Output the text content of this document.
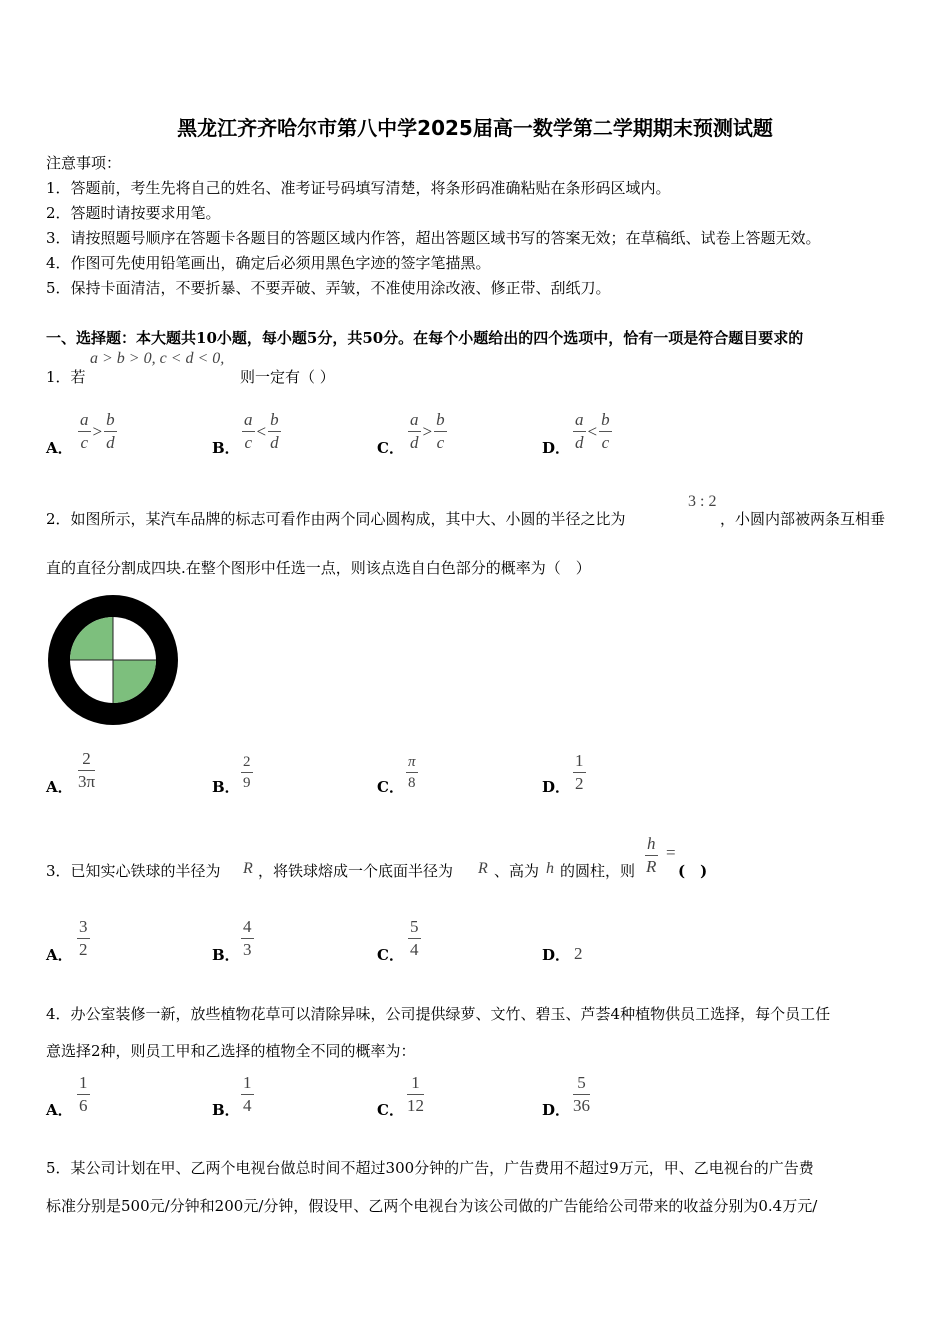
黑龙江齐齐哈尔市第八中学2025届高一数学第二学期期末预测试题
注意事项：
1．答题前，考生先将自己的姓名、准考证号码填写清楚，将条形码准确粘贴在条形码区域内。
2．答题时请按要求用笔。
3．请按照题号顺序在答题卡各题目的答题区域内作答，超出答题区域书写的答案无效；在草稿纸、试卷上答题无效。
4．作图可先使用铅笔画出，确定后必须用黑色字迹的签字笔描黑。
5．保持卡面清洁，不要折暴、不要弄破、弄皱，不准使用涂改液、修正带、刮纸刀。
一、选择题：本大题共10小题，每小题5分，共50分。在每个小题给出的四个选项中，恰有一项是符合题目要求的
1．若
a > b > 0, c < d < 0,
则一定有（ ）
A． $\frac{a}{c} > \frac{b}{d}$	B． $\frac{a}{c} < \frac{b}{d}$	C． $\frac{a}{d} > \frac{b}{c}$	D． $\frac{a}{d} < \frac{b}{c}$
2．如图所示，某汽车品牌的标志可看作由两个同心圆构成，其中大、小圆的半径之比为
3 : 2
，小圆内部被两条互相垂
直的直径分割成四块.在整个图形中任选一点，则该点选自白色部分的概率为（　）
A．
2
3π	B．
2
9	C．
π
8	D．
1
2
3．已知实心铁球的半径为 R ，将铁球熔成一个底面半径为 R 、高为 h 的圆柱，则
h
R
=
(　)
A．
3
2	B．
4
3	C．
5
4	D． 2
4．办公室装修一新，放些植物花草可以清除异味，公司提供绿萝、文竹、碧玉、芦荟4种植物供员工选择，每个员工任
意选择2种，则员工甲和乙选择的植物全不同的概率为：
A．
1
6	B．
1
4	C．
1
12	D．
5
36
5．某公司计划在甲、乙两个电视台做总时间不超过300分钟的广告，广告费用不超过9万元，甲、乙电视台的广告费
标准分别是500元/分钟和200元/分钟，假设甲、乙两个电视台为该公司做的广告能给公司带来的收益分别为0.4万元/
